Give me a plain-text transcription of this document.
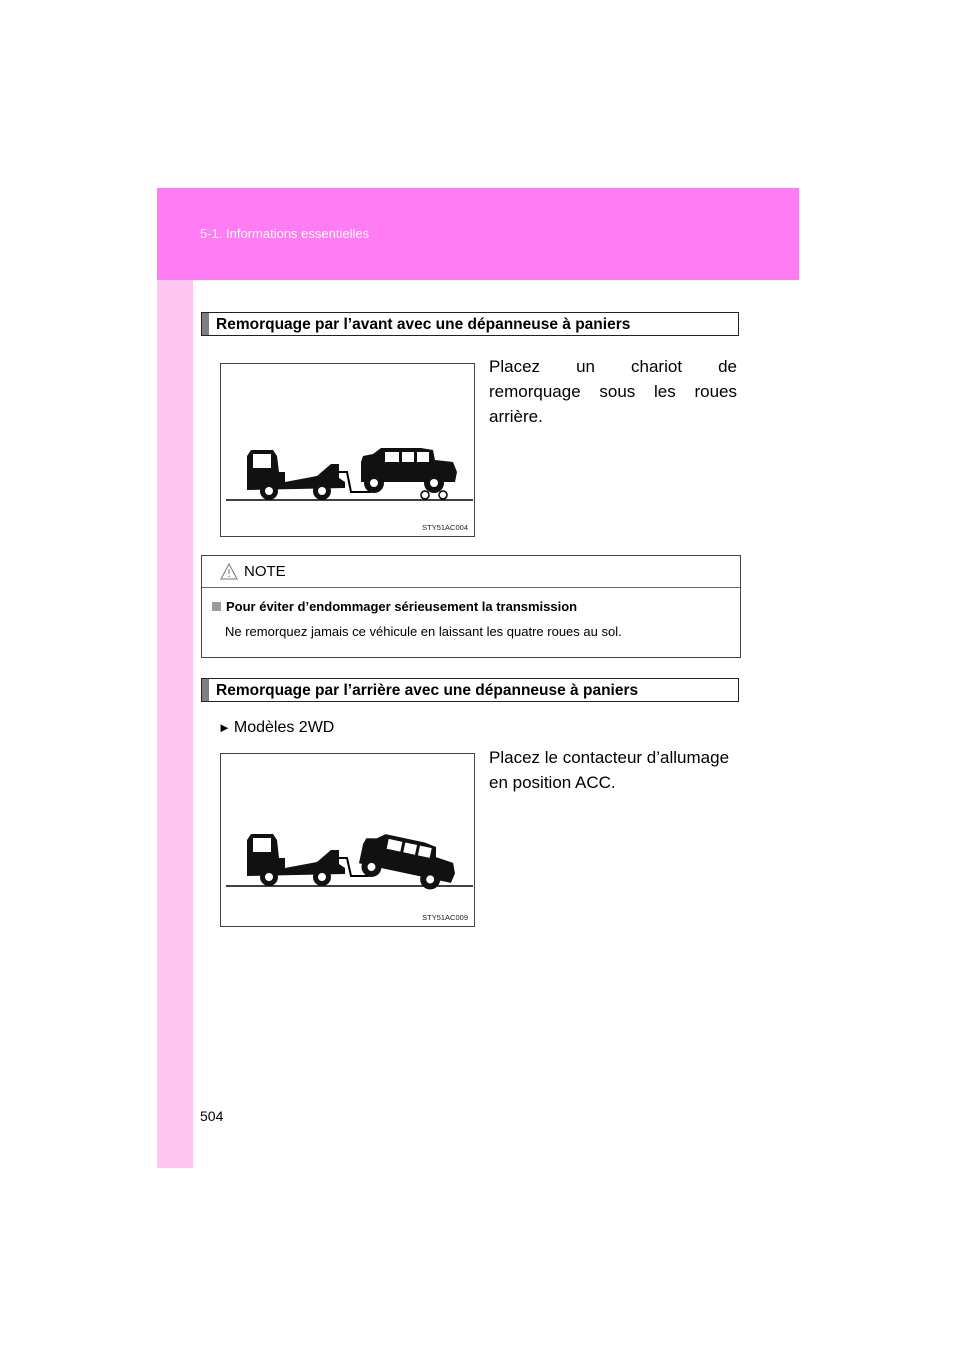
5-1. Informations essentielles
Remorquage par l’avant avec une dépanneuse à paniers
STY51AC004
Placez un chariot de
remorquage sous les roues
arrière.
NOTE
Pour éviter d’endommager sérieusement la transmission
Ne remorquez jamais ce véhicule en laissant les quatre roues au sol.
Remorquage par l’arrière avec une dépanneuse à paniers
► Modèles 2WD
Placez le contacteur d’allumage
en position ACC.
STY51AC009
504
